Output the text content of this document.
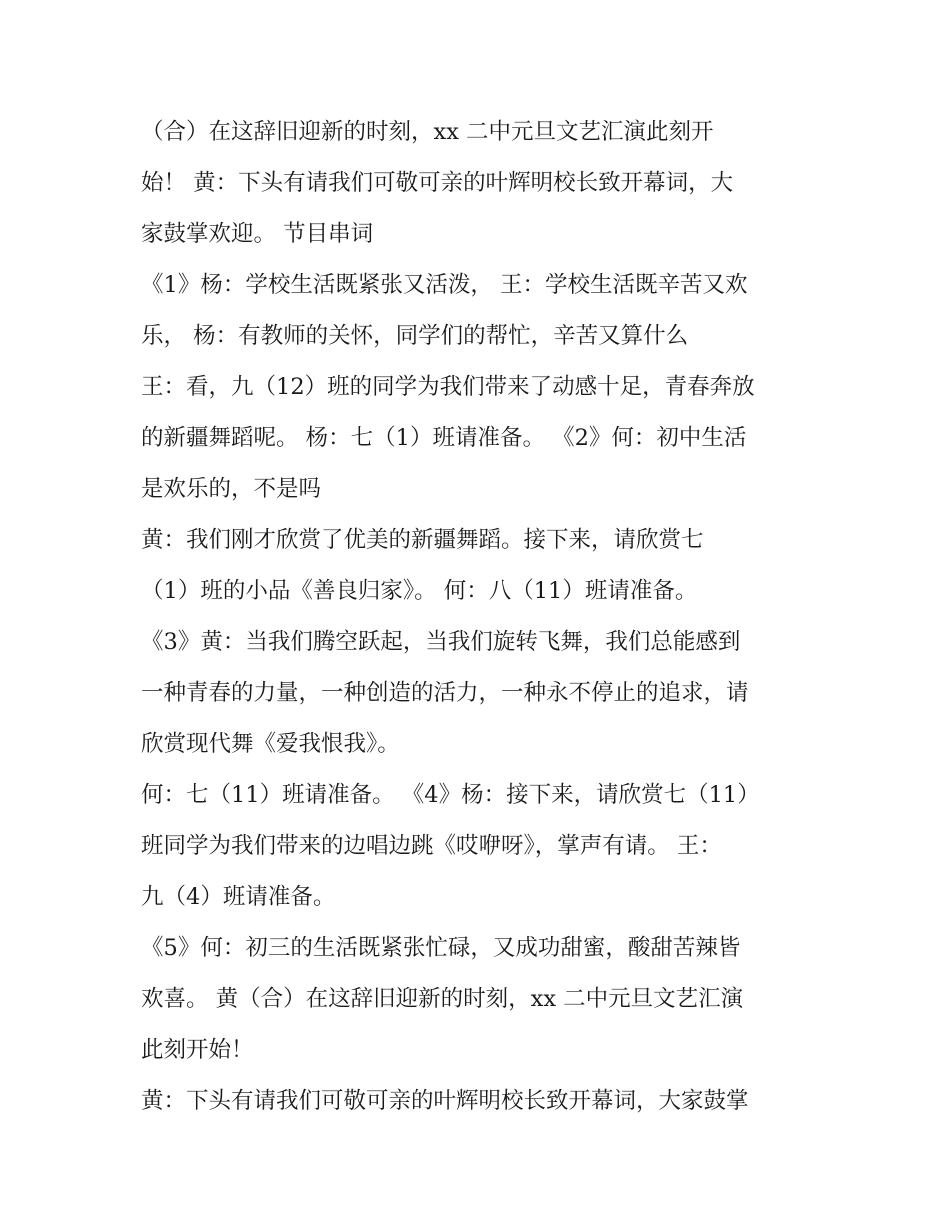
（合）在这辞旧迎新的时刻，xx 二中元旦文艺汇演此刻开
始！ 黄：下头有请我们可敬可亲的叶辉明校长致开幕词，大
家鼓掌欢迎。 节目串词
《1》杨：学校生活既紧张又活泼， 王：学校生活既辛苦又欢
乐， 杨：有教师的关怀，同学们的帮忙，辛苦又算什么
王：看，九（12）班的同学为我们带来了动感十足，青春奔放
的新疆舞蹈呢。 杨：七（1）班请准备。 《2》何：初中生活
是欢乐的，不是吗
黄：我们刚才欣赏了优美的新疆舞蹈。接下来，请欣赏七
（1）班的小品《善良归家》。 何：八（11）班请准备。
《3》黄：当我们腾空跃起，当我们旋转飞舞，我们总能感到
一种青春的力量，一种创造的活力，一种永不停止的追求，请
欣赏现代舞《爱我恨我》。
何：七（11）班请准备。 《4》杨：接下来，请欣赏七（11）
班同学为我们带来的边唱边跳《哎咿呀》，掌声有请。 王：
九（4）班请准备。
《5》何：初三的生活既紧张忙碌，又成功甜蜜，酸甜苦辣皆
欢喜。 黄（合）在这辞旧迎新的时刻，xx 二中元旦文艺汇演
此刻开始！
黄：下头有请我们可敬可亲的叶辉明校长致开幕词，大家鼓掌
